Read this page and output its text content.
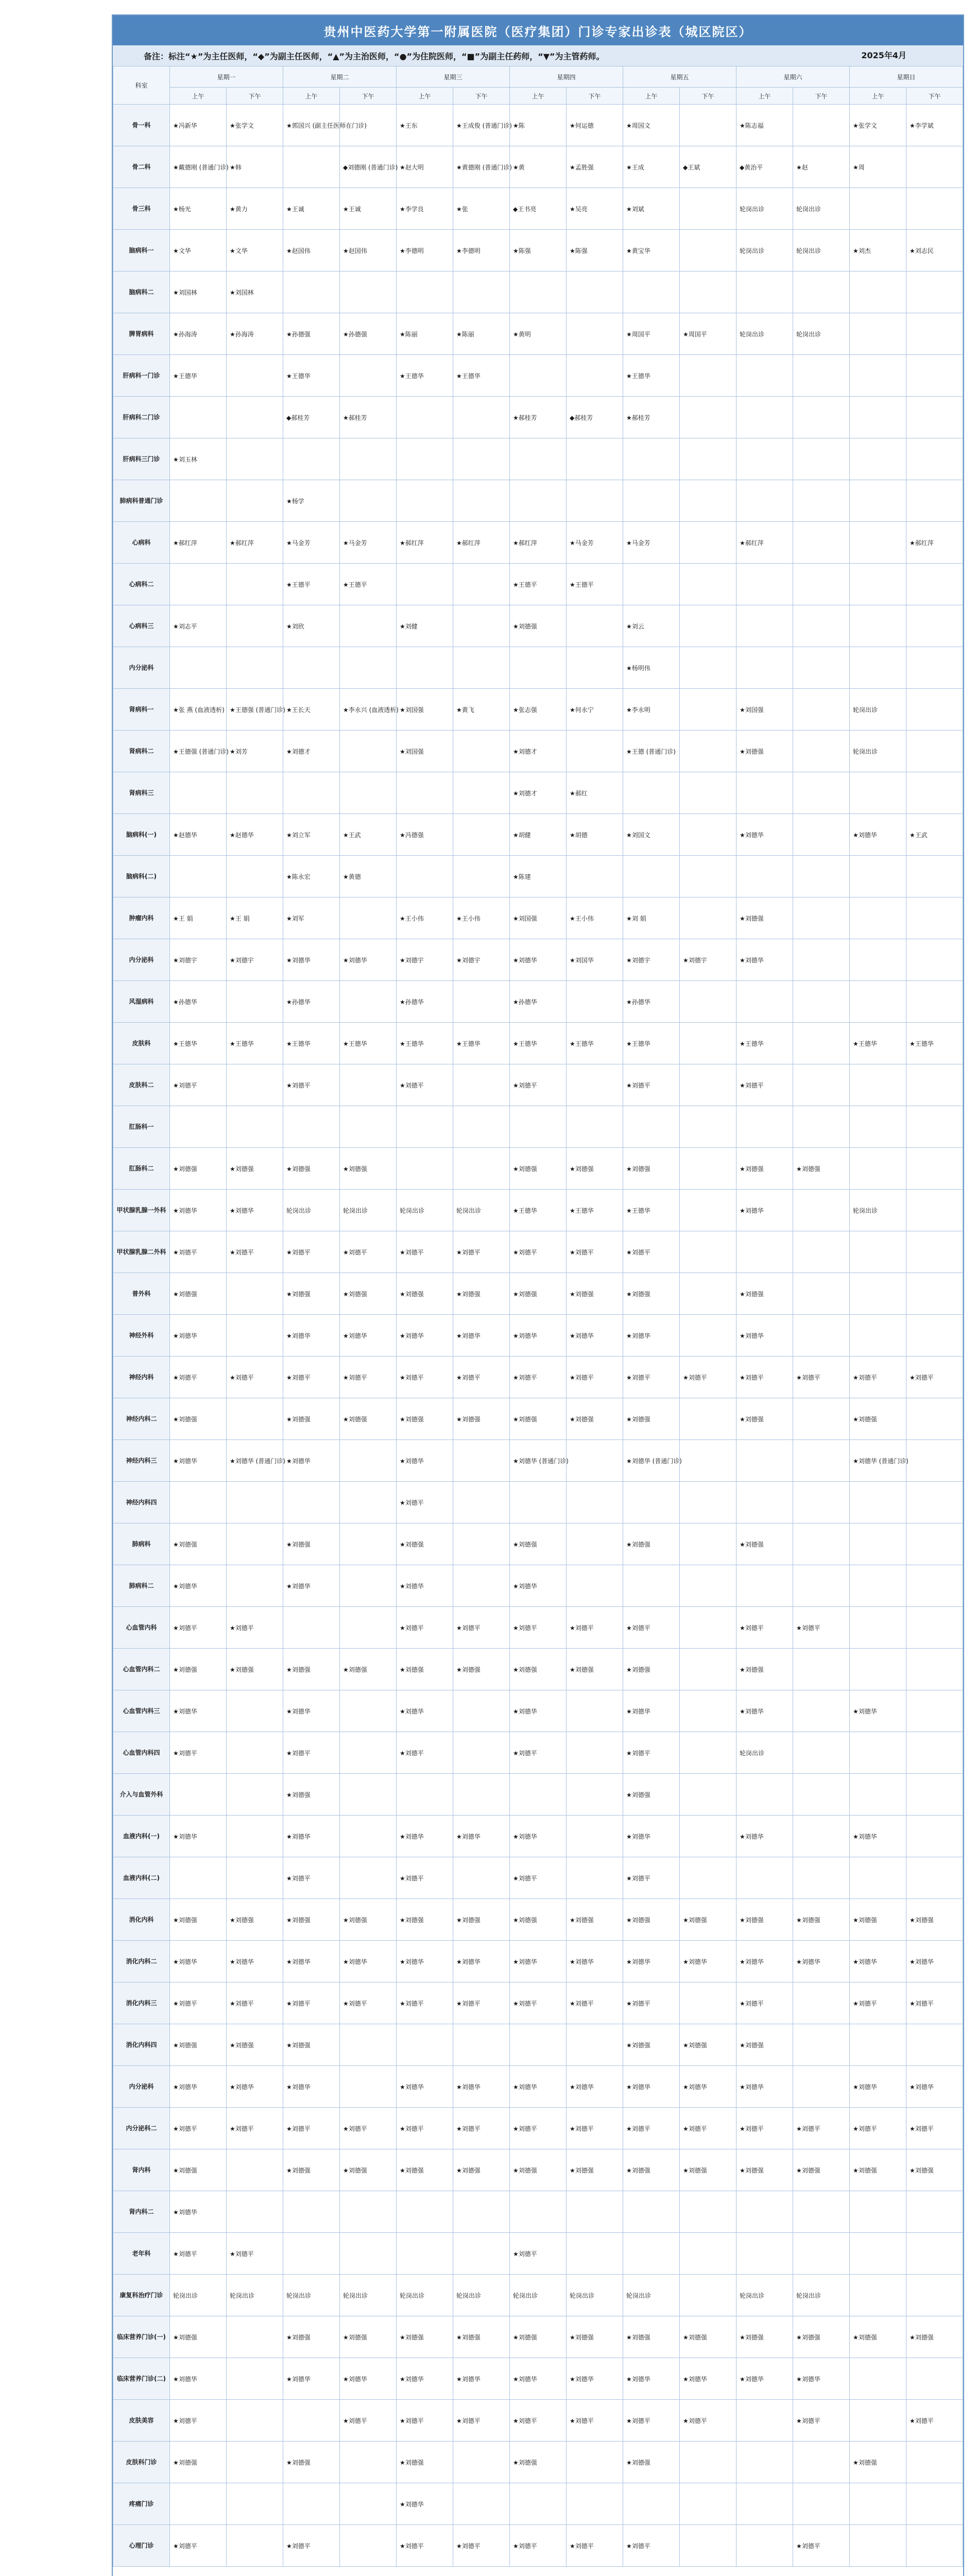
贵州中医药大学第一附属医院（医疗集团）门诊专家出诊表（城区院区）
备注：标注“★”为主任医师，“◆”为副主任医师，“▲”为主治医师，“●”为住院医师，“■”为副主任药师，“▼”为主管药师。	2025年4月
科室	星期一		星期二		星期三		星期四		星期五		星期六		星期日	
	上午	下午	上午	下午	上午	下午	上午	下午	上午	下午	上午	下午	上午	下午
骨一科	★冯新华	★张学文	★郭国兴 (副主任医师在门诊)		★王东	★王成俊 (普通门诊)	★陈	★何运德	★周国文		★陈志福		★张学文	★李学斌
骨二科	★戴德刚 (普通门诊)	★韩		◆刘德刚 (普通门诊)	★赵大明	★黄德刚 (普通门诊)	★黄	★孟胜强	★王成	◆王斌	◆黄治平	★赵	★周	
骨三科	★杨光	★黄力	★王诚	★王诚	★李学良	★张	◆王书亮	★吴亮	★刘斌		轮岗出诊	轮岗出诊		
脑病科一	★文华	★文华	★赵国伟	★赵国伟	★李德明	★李德明	★陈强	★陈强	★黄宝华		轮岗出诊	轮岗出诊	★刘杰	★刘志民
脑病科二	★刘国林	★刘国林												
脾胃病科	★孙海涛	★孙海涛	★孙德强	★孙德强	★陈丽	★陈丽	★黄明		★周国平	★周国平	轮岗出诊	轮岗出诊		
肝病科一门诊	★王德华		★王德华		★王德华	★王德华			★王德华					
肝病科二门诊			◆郝桂芳	★郝桂芳			★郝桂芳	◆郝桂芳	★郝桂芳					
肝病科三门诊	★刘玉林													
肺病科普通门诊			★杨学											
心病科	★郝红萍	★郝红萍	★马金芳	★马金芳	★郝红萍	★郝红萍	★郝红萍	★马金芳	★马金芳		★郝红萍			★郝红萍
心病科二			★王德平	★王德平			★王德平	★王德平						
心病科三	★刘志平		★刘欣		★刘健		★刘德强		★刘云					
内分泌科									★杨明伟					
肾病科一	★张 燕 (血液透析)	★王德强 (普通门诊)	★王长天	★李永兴 (血液透析)	★刘国强	★黄飞	★张志强	★何永宁	★李永明		★刘国强		轮岗出诊	
肾病科二	★王德强 (普通门诊)	★刘芳	★刘德才		★刘国强		★刘德才		★王德 (普通门诊)		★刘德强		轮岗出诊	
肾病科三							★刘德才	★郝红						
脑病科(一)	★赵德华	★赵德华	★刘立军	★王武	★冯德强		★胡健	★胡德	★刘国文		★刘德华		★刘德华	★王武
脑病科(二)			★陈永宏	★黄德			★陈建							
肿瘤内科	★王 娟	★王 娟	★刘军		★王小伟	★王小伟	★刘国强	★王小伟	★刘 娟		★刘德强			
内分泌科	★刘德宇	★刘德宇	★刘德华	★刘德华	★刘德宇	★刘德宇	★刘德华	★刘国华	★刘德宇	★刘德宇	★刘德华			
风湿病科	★孙德华		★孙德华		★孙德华		★孙德华		★孙德华					
皮肤科	★王德华	★王德华	★王德华	★王德华	★王德华	★王德华	★王德华	★王德华	★王德华		★王德华		★王德华	★王德华
皮肤科二	★刘德平		★刘德平		★刘德平		★刘德平		★刘德平		★刘德平			
肛肠科一														
肛肠科二	★刘德强	★刘德强	★刘德强	★刘德强			★刘德强	★刘德强	★刘德强		★刘德强	★刘德强		
甲状腺乳腺一外科	★刘德华	★刘德华	轮岗出诊	轮岗出诊	轮岗出诊	轮岗出诊	★王德华	★王德华	★王德华		★刘德华		轮岗出诊	
甲状腺乳腺二外科	★刘德平	★刘德平	★刘德平	★刘德平	★刘德平	★刘德平	★刘德平	★刘德平	★刘德平					
普外科	★刘德强		★刘德强	★刘德强	★刘德强	★刘德强	★刘德强	★刘德强	★刘德强		★刘德强			
神经外科	★刘德华		★刘德华	★刘德华	★刘德华	★刘德华	★刘德华	★刘德华	★刘德华		★刘德华			
神经内科	★刘德平	★刘德平	★刘德平	★刘德平	★刘德平	★刘德平	★刘德平	★刘德平	★刘德平	★刘德平	★刘德平	★刘德平	★刘德平	★刘德平
神经内科二	★刘德强		★刘德强	★刘德强	★刘德强	★刘德强	★刘德强	★刘德强	★刘德强		★刘德强		★刘德强	
神经内科三	★刘德华	★刘德华 (普通门诊)	★刘德华		★刘德华		★刘德华 (普通门诊)		★刘德华 (普通门诊)				★刘德华 (普通门诊)	
神经内科四					★刘德平									
肺病科	★刘德强		★刘德强		★刘德强		★刘德强		★刘德强		★刘德强			
肺病科二	★刘德华		★刘德华		★刘德华		★刘德华							
心血管内科	★刘德平	★刘德平			★刘德平	★刘德平	★刘德平	★刘德平	★刘德平		★刘德平	★刘德平		
心血管内科二	★刘德强	★刘德强	★刘德强	★刘德强	★刘德强	★刘德强	★刘德强	★刘德强	★刘德强		★刘德强			
心血管内科三	★刘德华		★刘德华		★刘德华		★刘德华		★刘德华		★刘德华		★刘德华	
心血管内科四	★刘德平		★刘德平		★刘德平		★刘德平		★刘德平		轮岗出诊			
介入与血管外科			★刘德强						★刘德强					
血液内科(一)	★刘德华		★刘德华		★刘德华	★刘德华	★刘德华		★刘德华		★刘德华		★刘德华	
血液内科(二)			★刘德平		★刘德平		★刘德平		★刘德平					
消化内科	★刘德强	★刘德强	★刘德强	★刘德强	★刘德强	★刘德强	★刘德强	★刘德强	★刘德强	★刘德强	★刘德强	★刘德强	★刘德强	★刘德强
消化内科二	★刘德华	★刘德华	★刘德华	★刘德华	★刘德华	★刘德华	★刘德华	★刘德华	★刘德华	★刘德华	★刘德华	★刘德华	★刘德华	★刘德华
消化内科三	★刘德平	★刘德平	★刘德平	★刘德平	★刘德平	★刘德平	★刘德平	★刘德平	★刘德平		★刘德平		★刘德平	★刘德平
消化内科四	★刘德强	★刘德强	★刘德强						★刘德强	★刘德强	★刘德强			
内分泌科	★刘德华	★刘德华	★刘德华		★刘德华	★刘德华	★刘德华	★刘德华	★刘德华	★刘德华	★刘德华		★刘德华	★刘德华
内分泌科二	★刘德平	★刘德平	★刘德平	★刘德平	★刘德平	★刘德平	★刘德平	★刘德平	★刘德平	★刘德平	★刘德平	★刘德平	★刘德平	★刘德平
肾内科	★刘德强		★刘德强	★刘德强	★刘德强	★刘德强	★刘德强	★刘德强	★刘德强	★刘德强	★刘德强	★刘德强	★刘德强	★刘德强
肾内科二	★刘德华													
老年科	★刘德平	★刘德平					★刘德平							
康复科治疗门诊	轮岗出诊	轮岗出诊	轮岗出诊	轮岗出诊	轮岗出诊	轮岗出诊	轮岗出诊	轮岗出诊	轮岗出诊		轮岗出诊	轮岗出诊		
临床营养门诊(一)	★刘德强		★刘德强	★刘德强	★刘德强	★刘德强	★刘德强	★刘德强	★刘德强	★刘德强	★刘德强	★刘德强	★刘德强	★刘德强
临床营养门诊(二)	★刘德华		★刘德华	★刘德华	★刘德华	★刘德华	★刘德华	★刘德华	★刘德华	★刘德华	★刘德华	★刘德华		
皮肤美容	★刘德平			★刘德平	★刘德平	★刘德平	★刘德平	★刘德平	★刘德平	★刘德平		★刘德平		★刘德平
皮肤科门诊	★刘德强		★刘德强		★刘德强		★刘德强		★刘德强				★刘德强	
疼痛门诊					★刘德华									
心理门诊	★刘德平		★刘德平		★刘德平	★刘德平	★刘德平	★刘德平	★刘德平			★刘德平		
